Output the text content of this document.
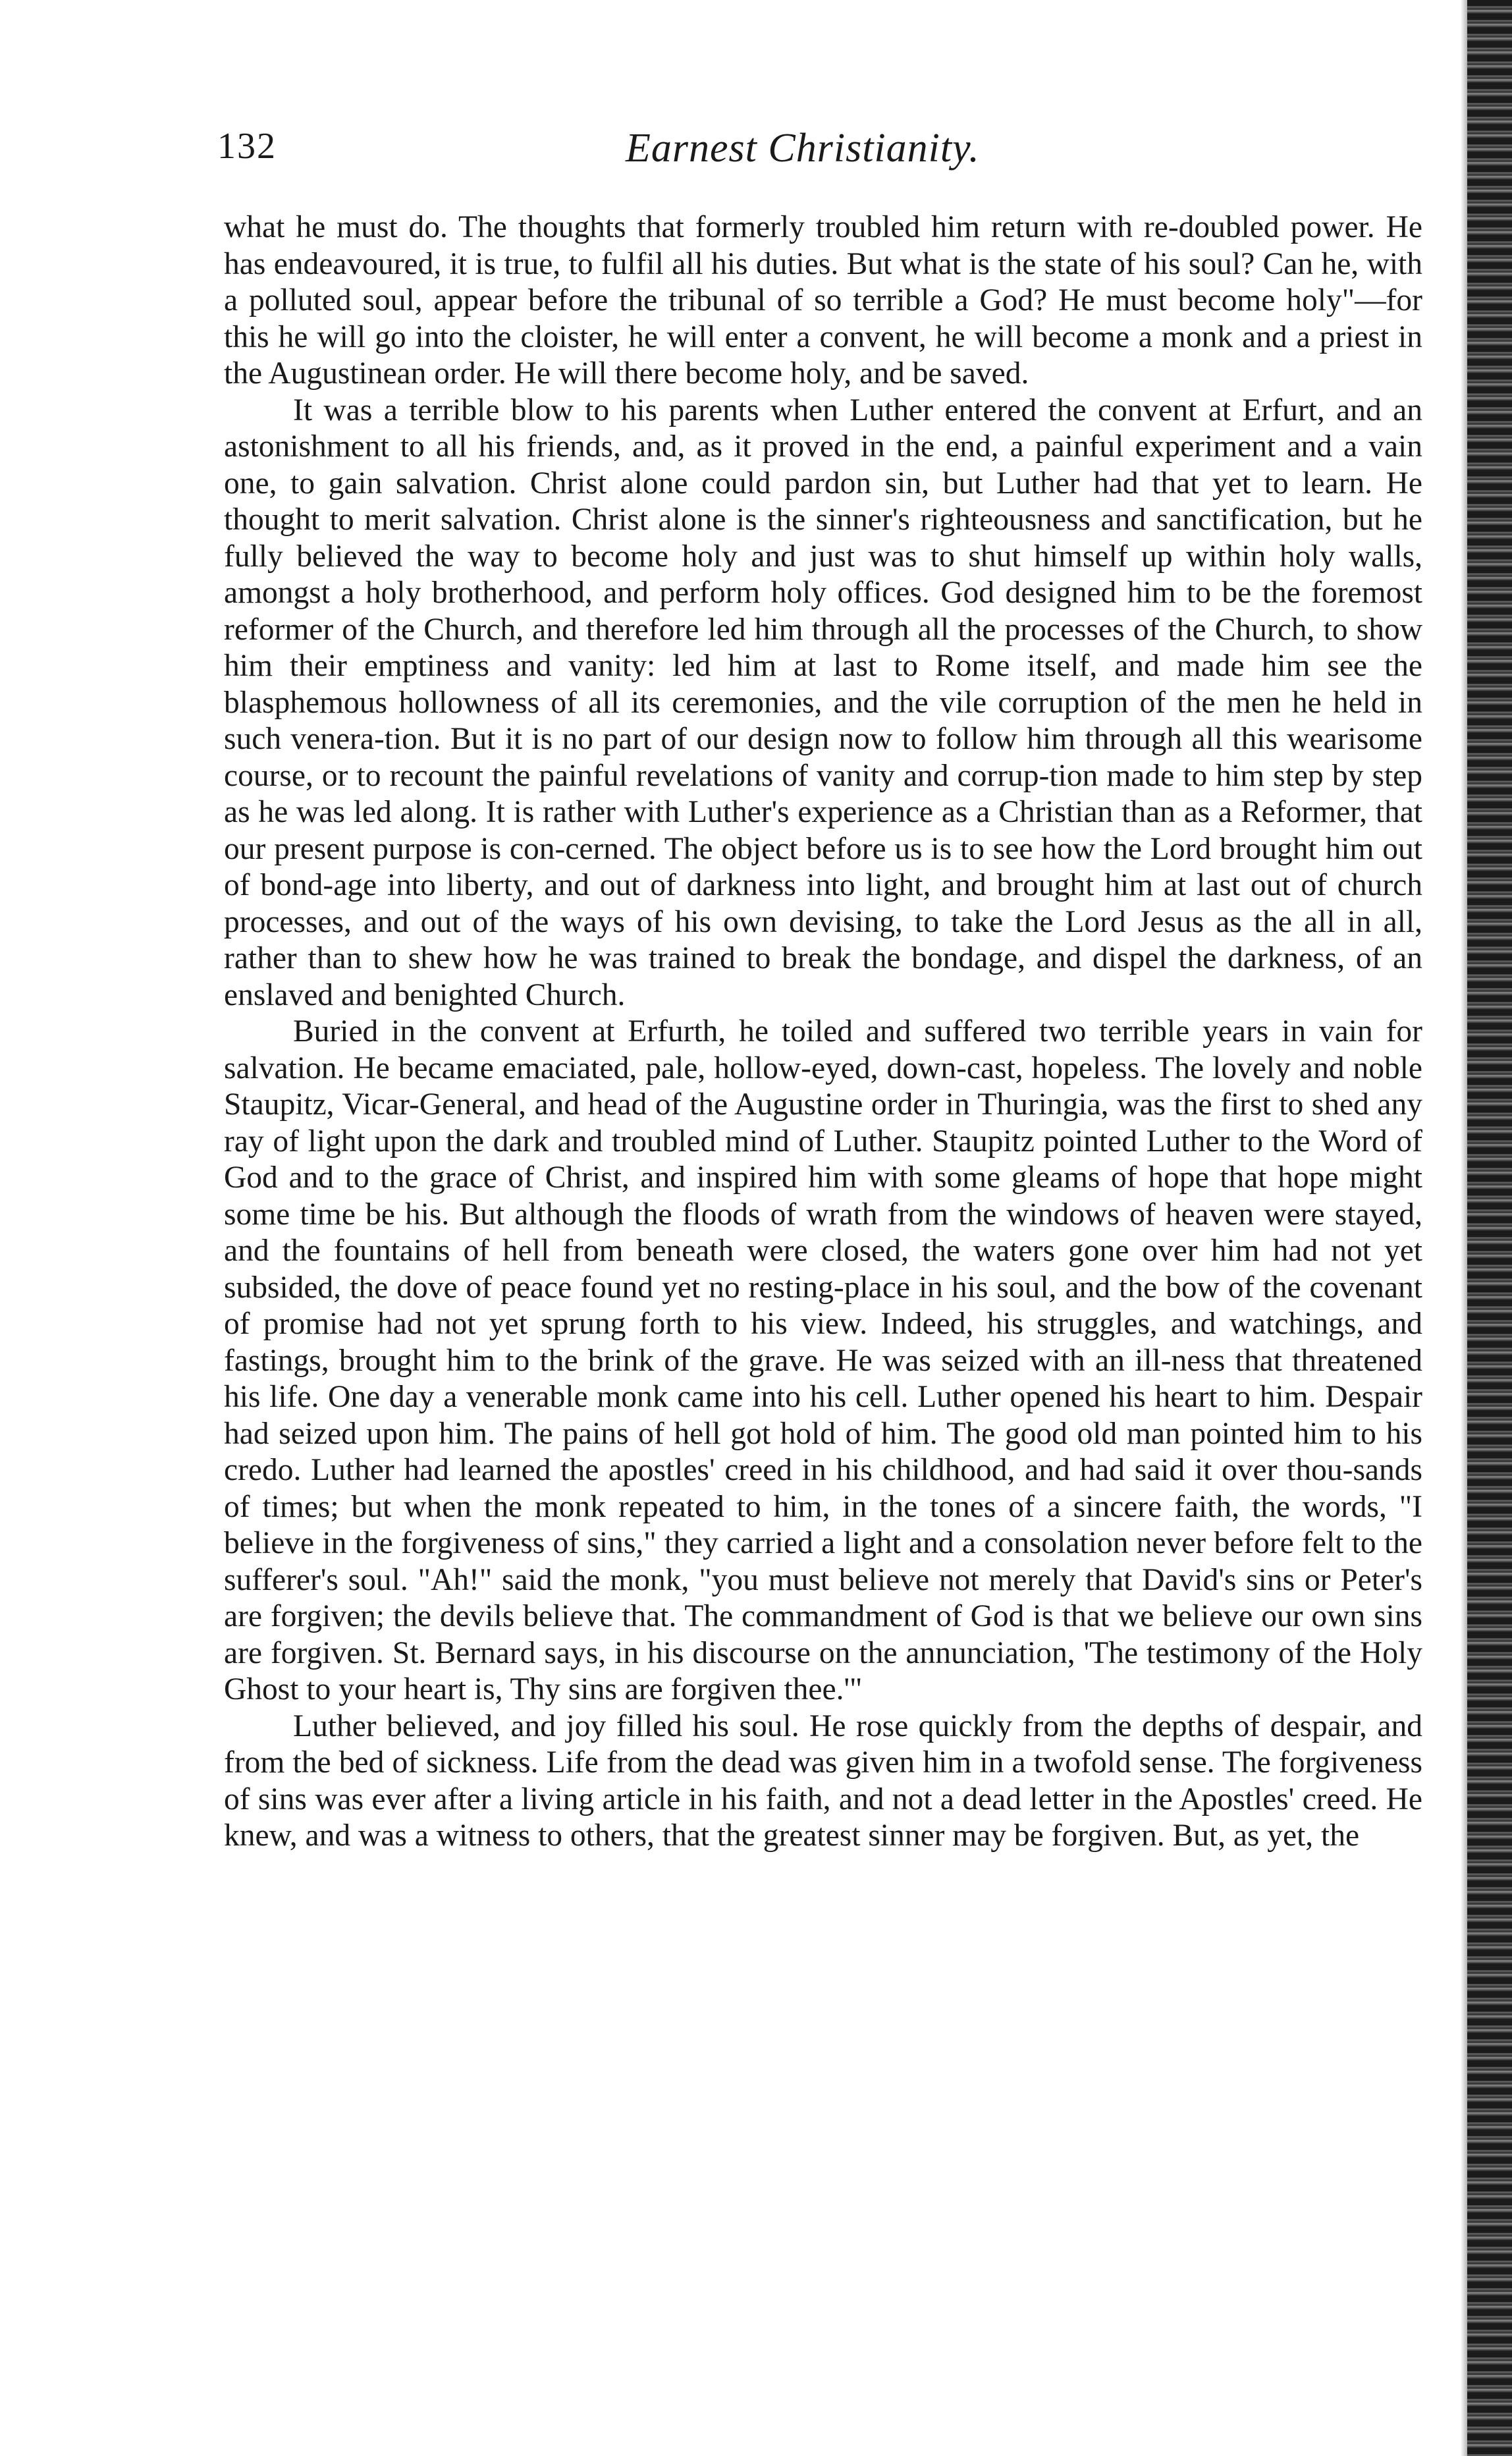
132	Earnest Christianity.

what he must do. The thoughts that formerly troubled him return with re-doubled power. He has endeavoured, it is true, to fulfil all his duties. But what is the state of his soul? Can he, with a polluted soul, appear before the tribunal of so terrible a God? He must become holy"—for this he will go into the cloister, he will enter a convent, he will become a monk and a priest in the Augustinean order. He will there become holy, and be saved.

It was a terrible blow to his parents when Luther entered the convent at Erfurt, and an astonishment to all his friends, and, as it proved in the end, a painful experiment and a vain one, to gain salvation. Christ alone could pardon sin, but Luther had that yet to learn. He thought to merit salvation. Christ alone is the sinner's righteousness and sanctification, but he fully believed the way to become holy and just was to shut himself up within holy walls, amongst a holy brotherhood, and perform holy offices. God designed him to be the foremost reformer of the Church, and therefore led him through all the processes of the Church, to show him their emptiness and vanity: led him at last to Rome itself, and made him see the blasphemous hollowness of all its ceremonies, and the vile corruption of the men he held in such venera-tion. But it is no part of our design now to follow him through all this wearisome course, or to recount the painful revelations of vanity and corrup-tion made to him step by step as he was led along. It is rather with Luther's experience as a Christian than as a Reformer, that our present purpose is con-cerned. The object before us is to see how the Lord brought him out of bond-age into liberty, and out of darkness into light, and brought him at last out of church processes, and out of the ways of his own devising, to take the Lord Jesus as the all in all, rather than to shew how he was trained to break the bondage, and dispel the darkness, of an enslaved and benighted Church.

Buried in the convent at Erfurth, he toiled and suffered two terrible years in vain for salvation. He became emaciated, pale, hollow-eyed, down-cast, hopeless. The lovely and noble Staupitz, Vicar-General, and head of the Augustine order in Thuringia, was the first to shed any ray of light upon the dark and troubled mind of Luther. Staupitz pointed Luther to the Word of God and to the grace of Christ, and inspired him with some gleams of hope that hope might some time be his. But although the floods of wrath from the windows of heaven were stayed, and the fountains of hell from beneath were closed, the waters gone over him had not yet subsided, the dove of peace found yet no resting-place in his soul, and the bow of the covenant of promise had not yet sprung forth to his view. Indeed, his struggles, and watchings, and fastings, brought him to the brink of the grave. He was seized with an ill-ness that threatened his life. One day a venerable monk came into his cell. Luther opened his heart to him. Despair had seized upon him. The pains of hell got hold of him. The good old man pointed him to his credo. Luther had learned the apostles' creed in his childhood, and had said it over thou-sands of times; but when the monk repeated to him, in the tones of a sincere faith, the words, "I believe in the forgiveness of sins," they carried a light and a consolation never before felt to the sufferer's soul. "Ah!" said the monk, "you must believe not merely that David's sins or Peter's are forgiven; the devils believe that. The commandment of God is that we believe our own sins are forgiven. St. Bernard says, in his discourse on the annunciation, 'The testimony of the Holy Ghost to your heart is, Thy sins are forgiven thee.'"

Luther believed, and joy filled his soul. He rose quickly from the depths of despair, and from the bed of sickness. Life from the dead was given him in a twofold sense. The forgiveness of sins was ever after a living article in his faith, and not a dead letter in the Apostles' creed. He knew, and was a witness to others, that the greatest sinner may be forgiven. But, as yet, the
